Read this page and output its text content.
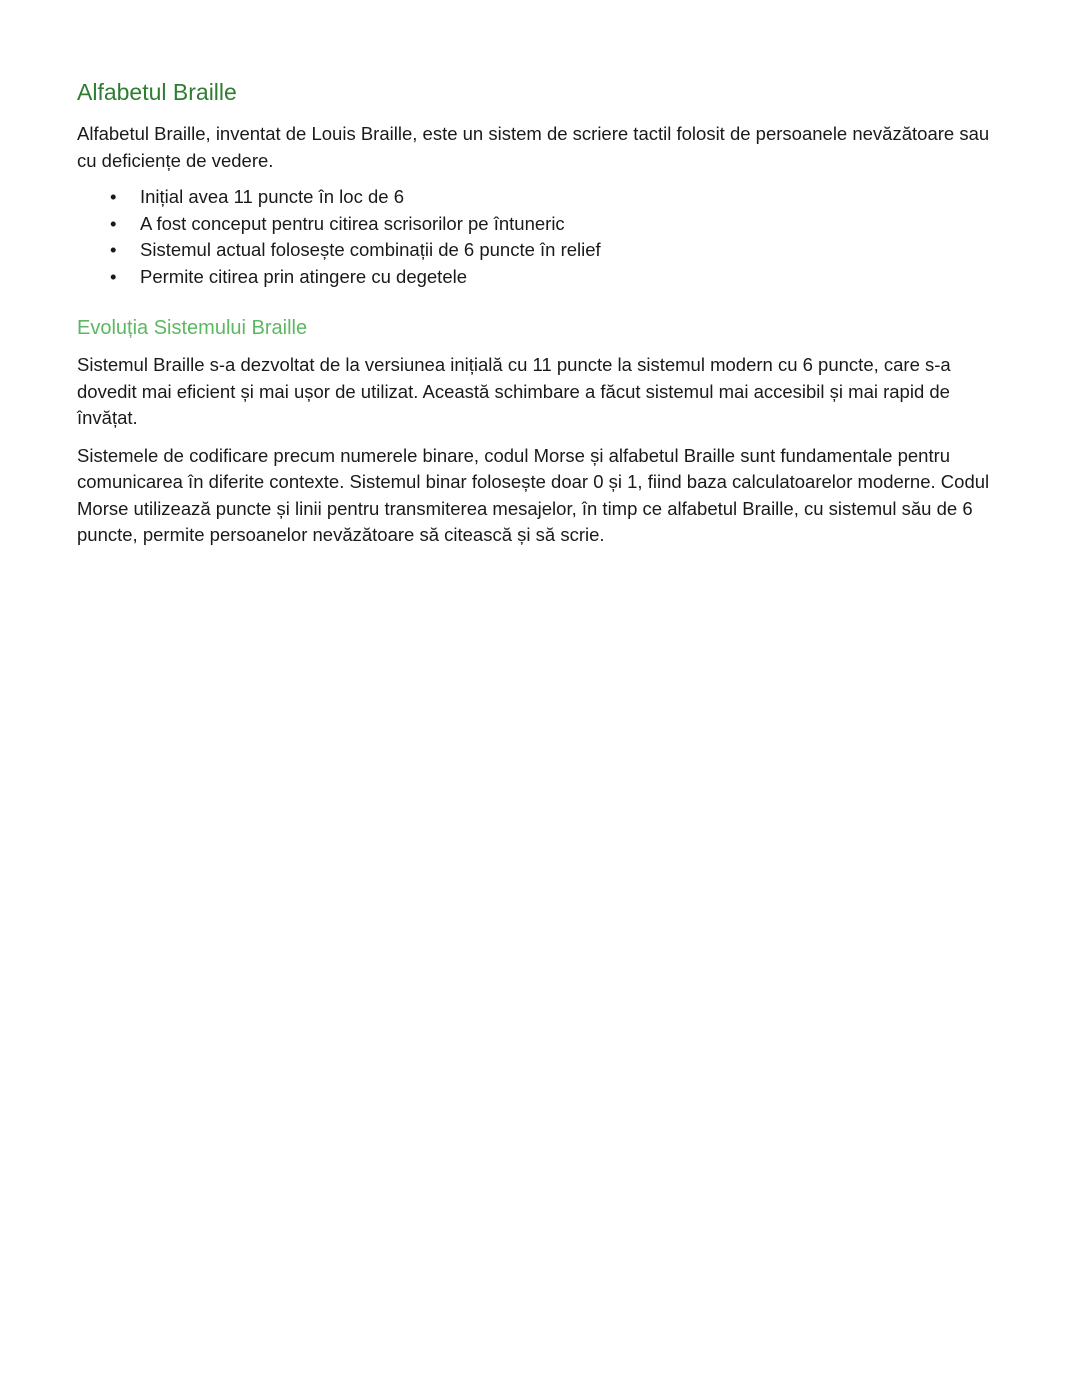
Alfabetul Braille

Alfabetul Braille, inventat de Louis Braille, este un sistem de scriere tactil folosit de persoanele nevăzătoare sau cu deficiențe de vedere.

• Inițial avea 11 puncte în loc de 6
• A fost conceput pentru citirea scrisorilor pe întuneric
• Sistemul actual folosește combinații de 6 puncte în relief
• Permite citirea prin atingere cu degetele
Evoluția Sistemului Braille

Sistemul Braille s-a dezvoltat de la versiunea inițială cu 11 puncte la sistemul modern cu 6 puncte, care s-a dovedit mai eficient și mai ușor de utilizat. Această schimbare a făcut sistemul mai accesibil și mai rapid de învățat.

Sistemele de codificare precum numerele binare, codul Morse și alfabetul Braille sunt fundamentale pentru comunicarea în diferite contexte. Sistemul binar folosește doar 0 și 1, fiind baza calculatoarelor moderne. Codul Morse utilizează puncte și linii pentru transmiterea mesajelor, în timp ce alfabetul Braille, cu sistemul său de 6 puncte, permite persoanelor nevăzătoare să citească și să scrie.
